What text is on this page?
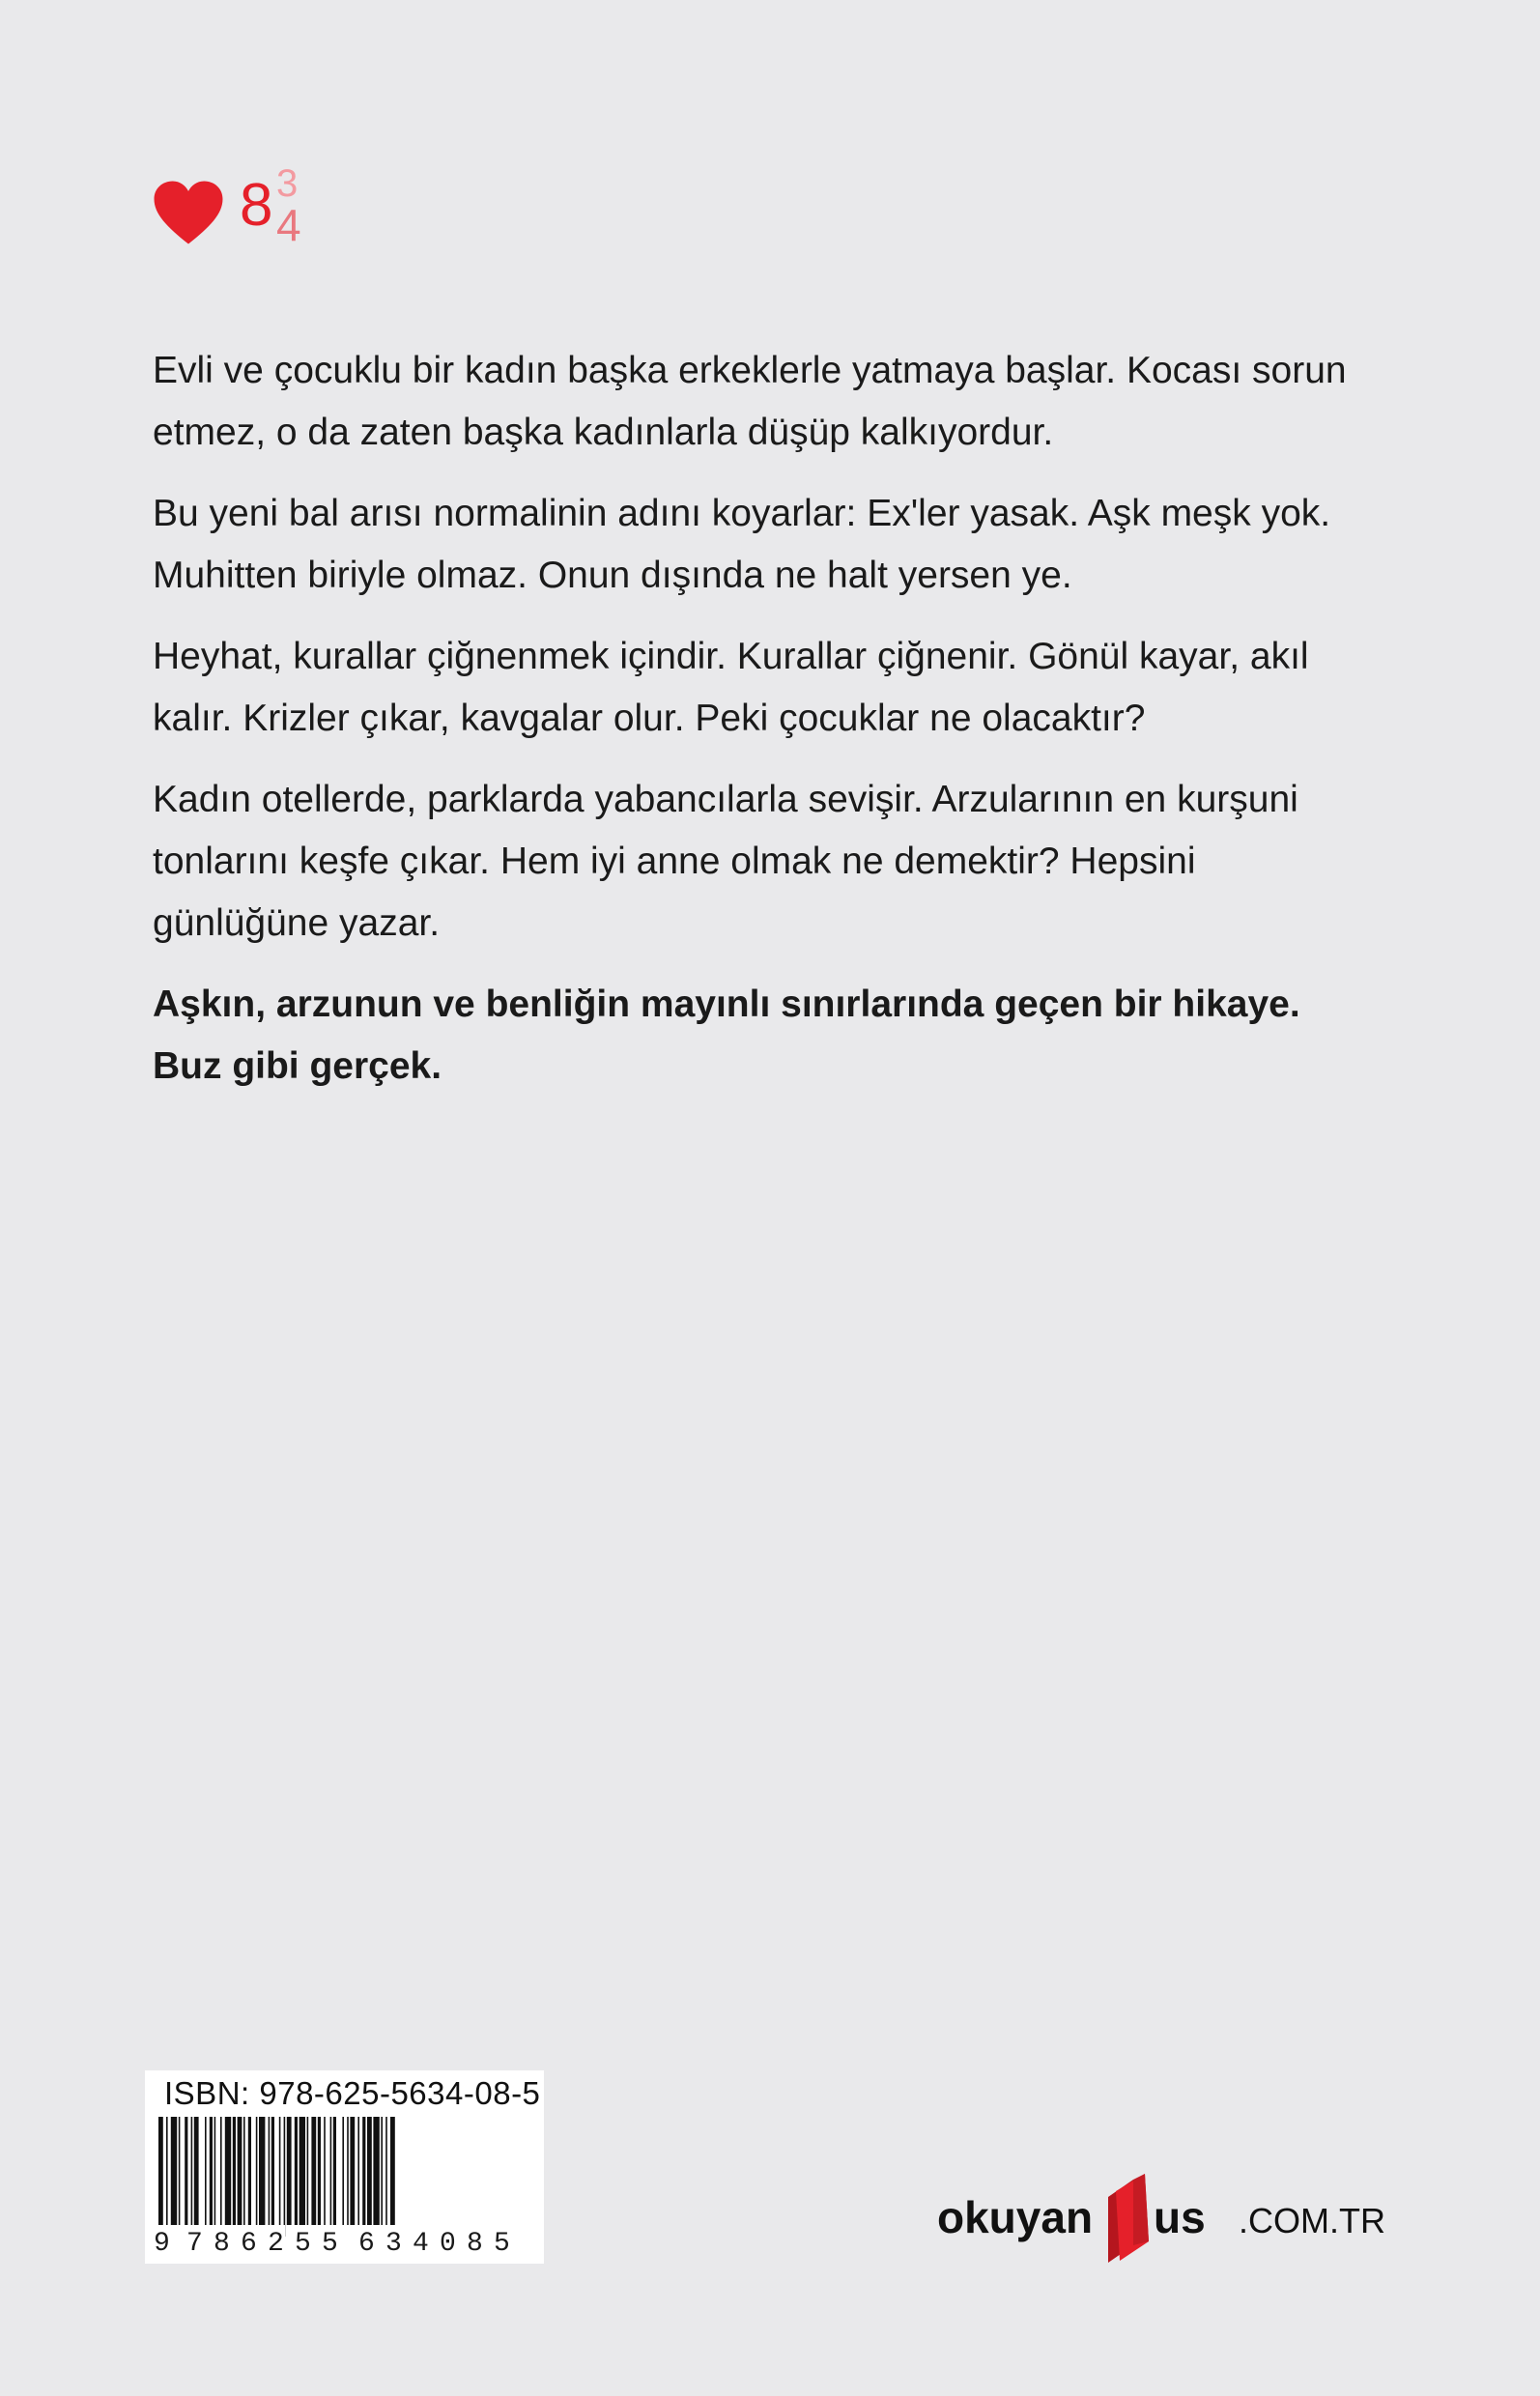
8 3
4

Evli ve çocuklu bir kadın başka erkeklerle yatmaya başlar. Kocası sorun etmez, o da zaten başka kadınlarla düşüp kalkıyordur.

Bu yeni bal arısı normalinin adını koyarlar: Ex'ler yasak. Aşk meşk yok. Muhitten biriyle olmaz. Onun dışında ne halt yersen ye.

Heyhat, kurallar çiğnenmek içindir. Kurallar çiğnenir. Gönül kayar, akıl kalır. Krizler çıkar, kavgalar olur. Peki çocuklar ne olacaktır?

Kadın otellerde, parklarda yabancılarla sevişir. Arzularının en kurşuni tonlarını keşfe çıkar. Hem iyi anne olmak ne demektir? Hepsini günlüğüne yazar.

Aşkın, arzunun ve benliğin mayınlı sınırlarında geçen bir hikaye. Buz gibi gerçek.

ISBN: 978-625-5634-08-5
9 7 8 6 2 5 5 6 3 4 0 8 5
okuyan us .COM.TR
